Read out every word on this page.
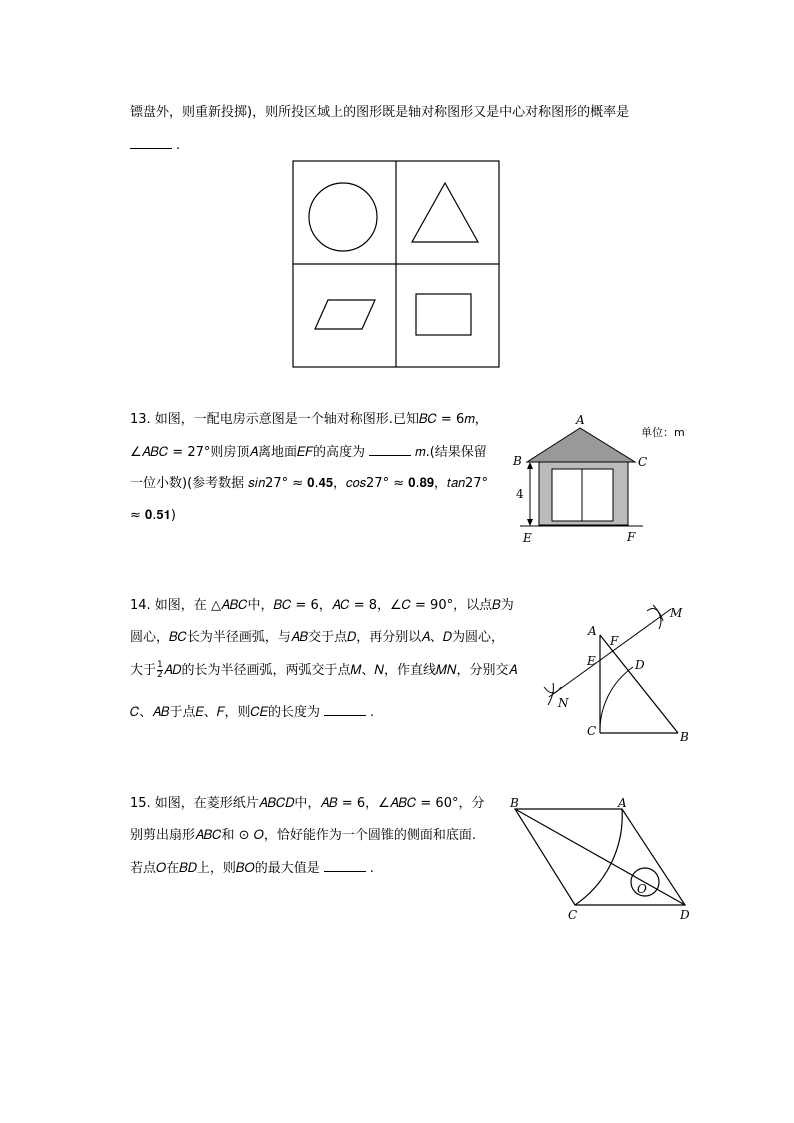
镖盘外，则重新投掷)，则所投区域上的图形既是轴对称图形又是中心对称图形的概率是
.
13. 如图，一配电房示意图是一个轴对称图形.已知𝐵𝐶 = 6𝑚，
∠𝐴𝐵𝐶 = 27°则房顶𝐴离地面𝐸𝐹的高度为	𝑚.(结果保留
一位小数)(参考数据 𝑠𝑖𝑛27° ≈ 𝟎.𝟒𝟓，𝑐𝑜𝑠27° ≈ 𝟎.𝟖𝟗，𝑡𝑎𝑛27°
≈ 𝟎.𝟓𝟏)
A
B	C
E	F
4
单位：m
14. 如图，在 △𝐴𝐵𝐶中，𝐵𝐶 = 6，𝐴𝐶 = 8，∠𝐶 = 90°，以点𝐵为
圆心，𝐵𝐶长为半径画弧，与𝐴𝐵交于点𝐷，再分别以𝐴、𝐷为圆心，
大于 $\frac{1}{2}$ 𝐴𝐷的长为半径画弧，两弧交于点𝑀、𝑁，作直线𝑀𝑁，分别交𝐴
𝐶、𝐴𝐵于点𝐸、𝐹，则𝐶𝐸的长度为	.
A
B
C
D
E
F
M
N
15. 如图，在菱形纸片𝐴𝐵𝐶𝐷中，𝐴𝐵 = 6，∠𝐴𝐵𝐶 = 60°，分
别剪出扇形𝐴𝐵𝐶和 ⊙ 𝑂，恰好能作为一个圆锥的侧面和底面.
若点𝑂在𝐵𝐷上，则𝐵𝑂的最大值是	.
A
B
C	D
O
